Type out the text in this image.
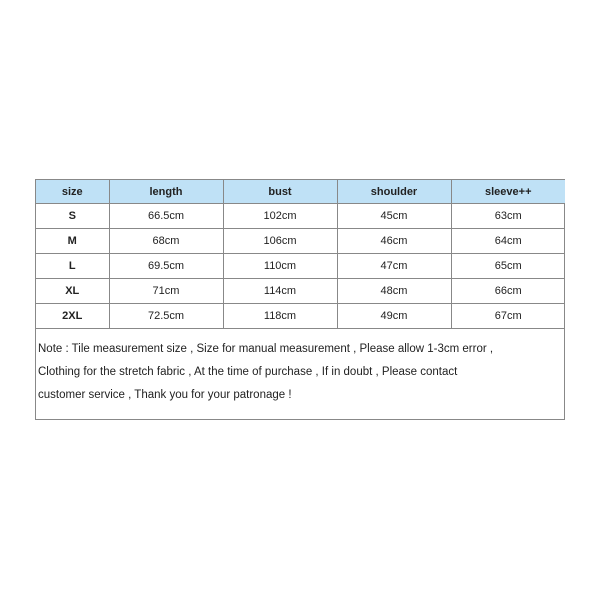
size	length	bust	shoulder	sleeve++
S	66.5cm	102cm	45cm	63cm
M	68cm	106cm	46cm	64cm
L	69.5cm	110cm	47cm	65cm
XL	71cm	114cm	48cm	66cm
2XL	72.5cm	118cm	49cm	67cm
Note : Tile measurement size , Size for manual measurement , Please allow 1-3cm error ,
Clothing for the stretch fabric , At the time of purchase , If in doubt , Please contact
customer service , Thank you for your patronage !
